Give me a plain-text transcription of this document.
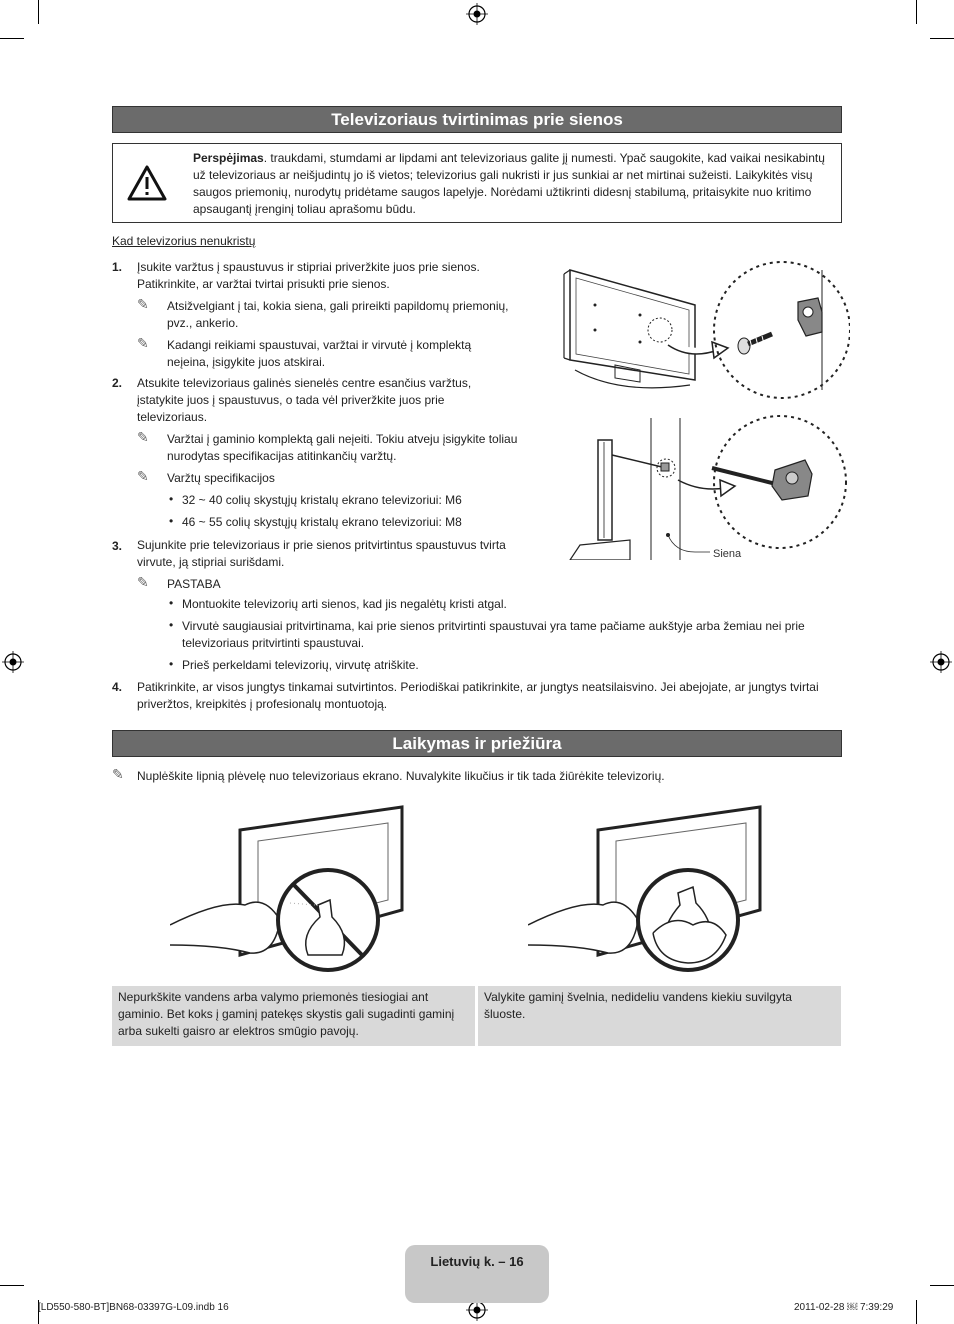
Televizoriaus tvirtinimas prie sienos
Perspėjimas. traukdami, stumdami ar lipdami ant televizoriaus galite jį numesti. Ypač saugokite, kad vaikai nesikabintų už televizoriaus ar neišjudintų jo iš vietos; televizorius gali nukristi ir jus sunkiai ar net mirtinai sužeisti. Laikykitės visų saugos priemonių, nurodytų pridėtame saugos lapelyje. Norėdami užtikrinti didesnį stabilumą, pritaisykite nuo kritimo apsaugantį įrenginį toliau aprašomu būdu.
Kad televizorius nenukristų
1. Įsukite varžtus į spaustuvus ir stipriai priveržkite juos prie sienos.
Patikrinkite, ar varžtai tvirtai prisukti prie sienos.
✎ Atsižvelgiant į tai, kokia siena, gali prireikti papildomų priemonių, pvz., ankerio.
✎ Kadangi reikiami spaustuvai, varžtai ir virvutė į komplektą neįeina, įsigykite juos atskirai.
2. Atsukite televizoriaus galinės sienelės centre esančius varžtus, įstatykite juos į spaustuvus, o tada vėl priveržkite juos prie televizoriaus.
✎ Varžtai į gaminio komplektą gali neįeiti. Tokiu atveju įsigykite toliau nurodytas specifikacijas atitinkančių varžtų.
✎ Varžtų specifikacijos
• 32 ~ 40 colių skystųjų kristalų ekrano televizoriui: M6
• 46 ~ 55 colių skystųjų kristalų ekrano televizoriui: M8
3. Sujunkite prie televizoriaus ir prie sienos pritvirtintus spaustuvus tvirta virvute, ją stipriai surišdami.
✎ PASTABA
• Montuokite televizorių arti sienos, kad jis negalėtų kristi atgal.
• Virvutė saugiausiai pritvirtinama, kai prie sienos pritvirtinti spaustuvai yra tame pačiame aukštyje arba žemiau nei prie televizoriaus pritvirtinti spaustuvai.
• Prieš perkeldami televizorių, virvutę atriškite.
4. Patikrinkite, ar visos jungtys tinkamai sutvirtintos. Periodiškai patikrinkite, ar jungtys neatsilaisvino. Jei abejojate, ar jungtys tvirtai priveržtos, kreipkitės į profesionalų montuotoją.
Siena
Laikymas ir priežiūra
✎ Nuplėškite lipnią plėvelę nuo televizoriaus ekrano. Nuvalykite likučius ir tik tada žiūrėkite televizorių.
Nepurkškite vandens arba valymo priemonės tiesiogiai ant gaminio. Bet koks į gaminį patekęs skystis gali sugadinti gaminį arba sukelti gaisro ar elektros smūgio pavojų.
Valykite gaminį švelnia, nedideliu vandens kiekiu suvilgyta šluoste.
Lietuvių k. – 16
[LD550-580-BT]BN68-03397G-L09.indb 16	2011-02-28 ￼ 7:39:29
